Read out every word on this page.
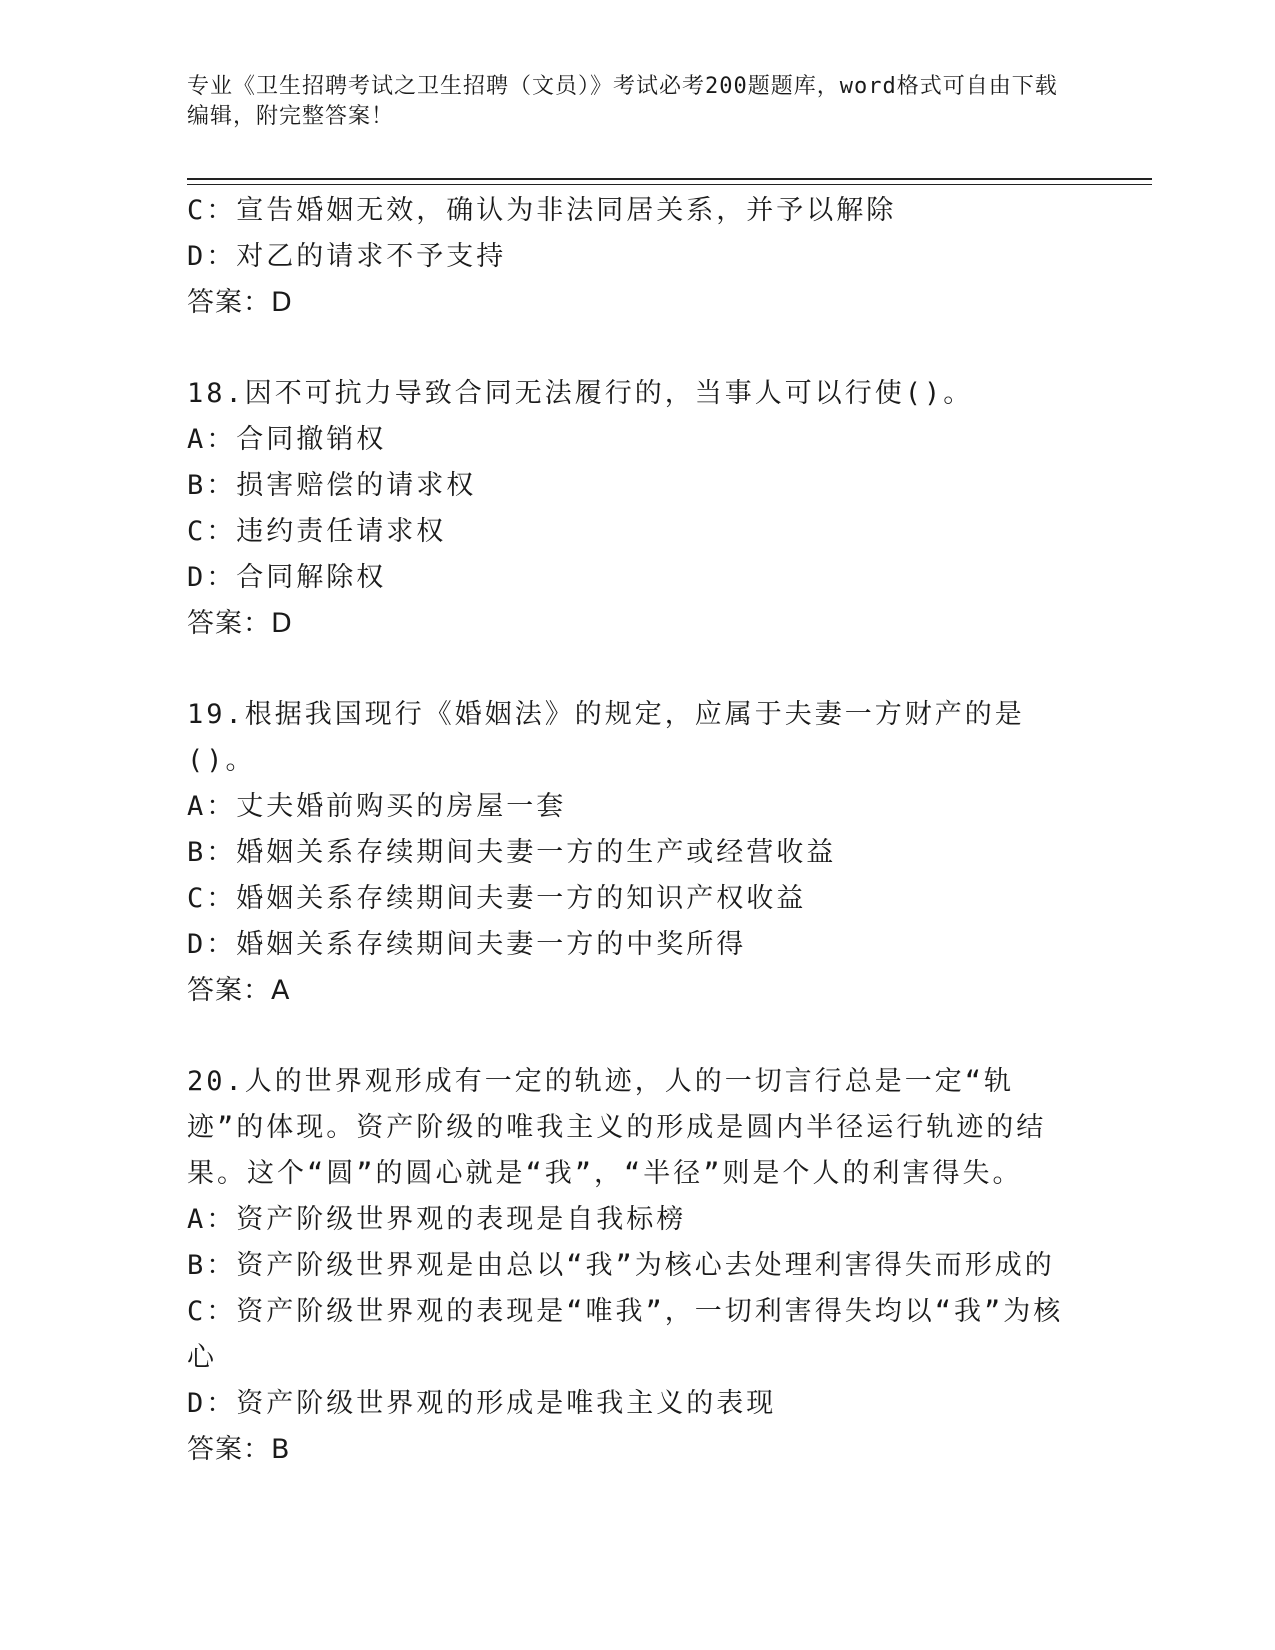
专业《卫生招聘考试之卫生招聘（文员）》考试必考200题题库，word格式可自由下载编辑，附完整答案！
C：宣告婚姻无效，确认为非法同居关系，并予以解除
D：对乙的请求不予支持
答案：D
18.因不可抗力导致合同无法履行的，当事人可以行使()。
A：合同撤销权
B：损害赔偿的请求权
C：违约责任请求权
D：合同解除权
答案：D
19.根据我国现行《婚姻法》的规定，应属于夫妻一方财产的是()。
A：丈夫婚前购买的房屋一套
B：婚姻关系存续期间夫妻一方的生产或经营收益
C：婚姻关系存续期间夫妻一方的知识产权收益
D：婚姻关系存续期间夫妻一方的中奖所得
答案：A
20.人的世界观形成有一定的轨迹，人的一切言行总是一定“轨迹”的体现。资产阶级的唯我主义的形成是圆内半径运行轨迹的结果。这个“圆”的圆心就是“我”，“半径”则是个人的利害得失。
A：资产阶级世界观的表现是自我标榜
B：资产阶级世界观是由总以“我”为核心去处理利害得失而形成的
C：资产阶级世界观的表现是“唯我”，一切利害得失均以“我”为核心
D：资产阶级世界观的形成是唯我主义的表现
答案：B
